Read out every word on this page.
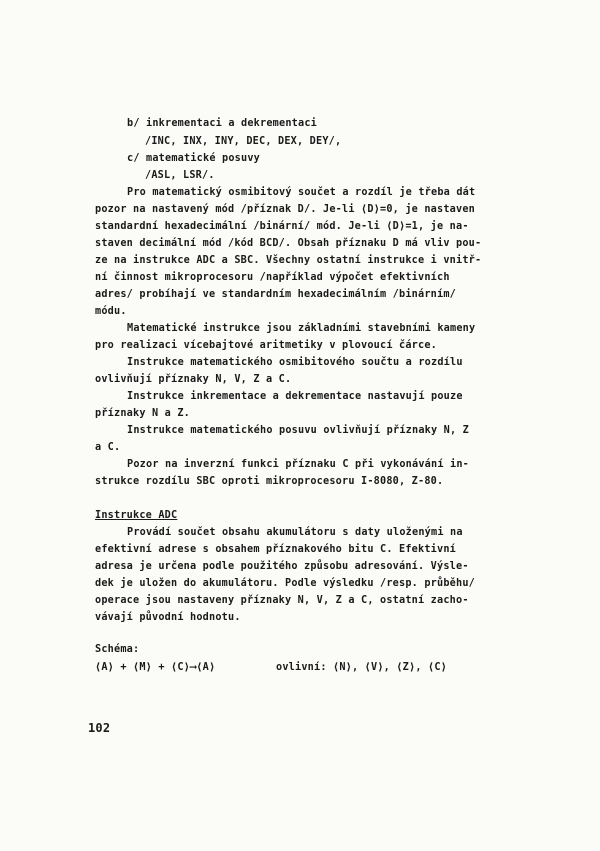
b/ inkrementaci a dekrementaci

/INC, INX, INY, DEC, DEX, DEY/,

c/ matematické posuvy

/ASL, LSR/.

Pro matematický osmibitový součet a rozdíl je třeba dát

pozor na nastavený mód /příznak D/. Je-li ⟨D⟩=0, je nastaven

standardní hexadecimální /binární/ mód. Je-li ⟨D⟩=1, je na-

staven decimální mód /kód BCD/. Obsah příznaku D má vliv pou-

ze na instrukce ADC a SBC. Všechny ostatní instrukce i vnitř-

ní činnost mikroprocesoru /například výpočet efektivních

adres/ probíhají ve standardním hexadecimálním /binárním/

módu.

Matematické instrukce jsou základními stavebními kameny

pro realizaci vícebajtové aritmetiky v plovoucí čárce.

Instrukce matematického osmibitového součtu a rozdílu

ovlivňují příznaky N, V, Z a C.

Instrukce inkrementace a dekrementace nastavují pouze

příznaky N a Z.

Instrukce matematického posuvu ovlivňují příznaky N, Z

a C.

Pozor na inverzní funkci příznaku C při vykonávání in-

strukce rozdílu SBC oproti mikroprocesoru I-8080, Z-80.

Instrukce ADC

Provádí součet obsahu akumulátoru s daty uloženými na

efektivní adrese s obsahem příznakového bitu C. Efektivní

adresa je určena podle použitého způsobu adresování. Výsle-

dek je uložen do akumulátoru. Podle výsledku /resp. průběhu/

operace jsou nastaveny příznaky N, V, Z a C, ostatní zacho-

vávají původní hodnotu.

Schéma:

⟨A⟩ + ⟨M⟩ + ⟨C⟩⟶⟨A⟩	ovlivní: ⟨N⟩, ⟨V⟩, ⟨Z⟩, ⟨C⟩

102
